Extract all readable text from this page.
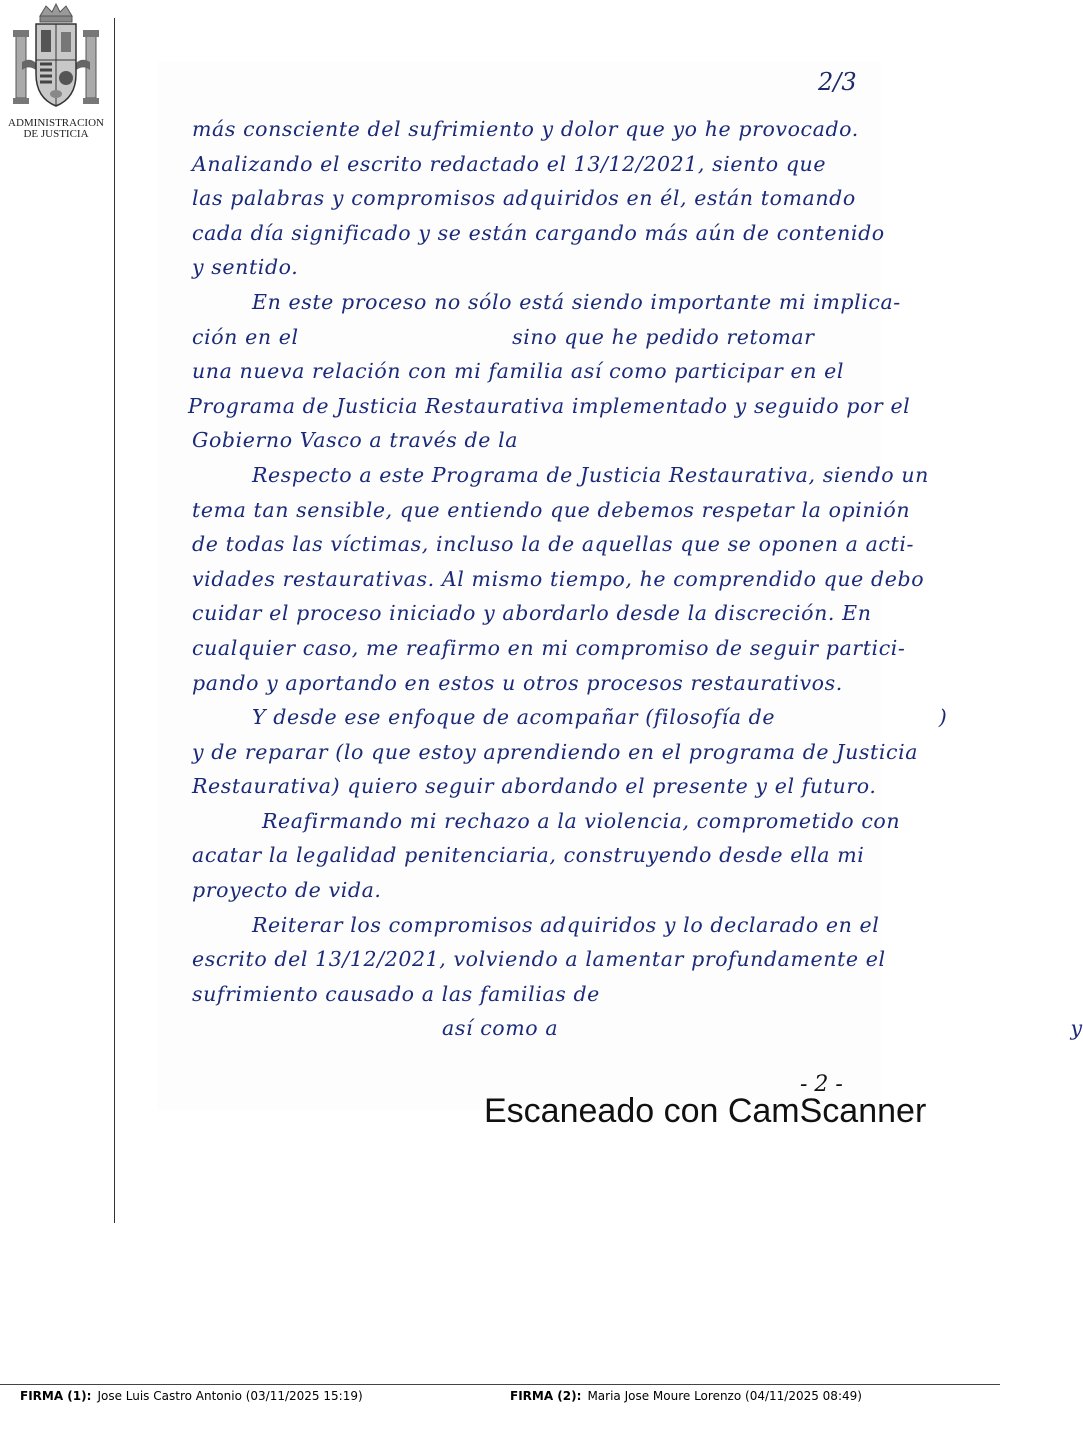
ADMINISTRACION
DE JUSTICIA
2/3
más consciente del sufrimiento y dolor que yo he provocado.
Analizando el escrito redactado el 13/12/2021, siento que
las palabras y compromisos adquiridos en él, están tomando
cada día significado y se están cargando más aún de contenido
y sentido.
En este proceso no sólo está siendo importante mi implica-
ción en el                              sino que he pedido retomar
una nueva relación con mi familia así como participar en el
Programa de Justicia Restaurativa implementado y seguido por el
Gobierno Vasco a través de la
Respecto a este Programa de Justicia Restaurativa, siendo un
tema tan sensible, que entiendo que debemos respetar la opinión
de todas las víctimas, incluso la de aquellas que se oponen a acti-
vidades restaurativas. Al mismo tiempo, he comprendido que debo
cuidar el proceso iniciado y abordarlo desde la discreción. En
cualquier caso, me reafirmo en mi compromiso de seguir partici-
pando y aportando en estos u otros procesos restaurativos.
Y desde ese enfoque de acompañar (filosofía de                       )
y de reparar (lo que estoy aprendiendo en el programa de Justicia
Restaurativa) quiero seguir abordando el presente y el futuro.
Reafirmando mi rechazo a la violencia, comprometido con
acatar la legalidad penitenciaria, construyendo desde ella mi
proyecto de vida.
Reiterar los compromisos adquiridos y lo declarado en el
escrito del 13/12/2021, volviendo a lamentar profundamente el
sufrimiento causado a las familias de
así como a                                                                        y
- 2 -
Escaneado con CamScanner
FIRMA (1): Jose Luis Castro Antonio (03/11/2025 15:19)	FIRMA (2): Maria Jose Moure Lorenzo (04/11/2025 08:49)
